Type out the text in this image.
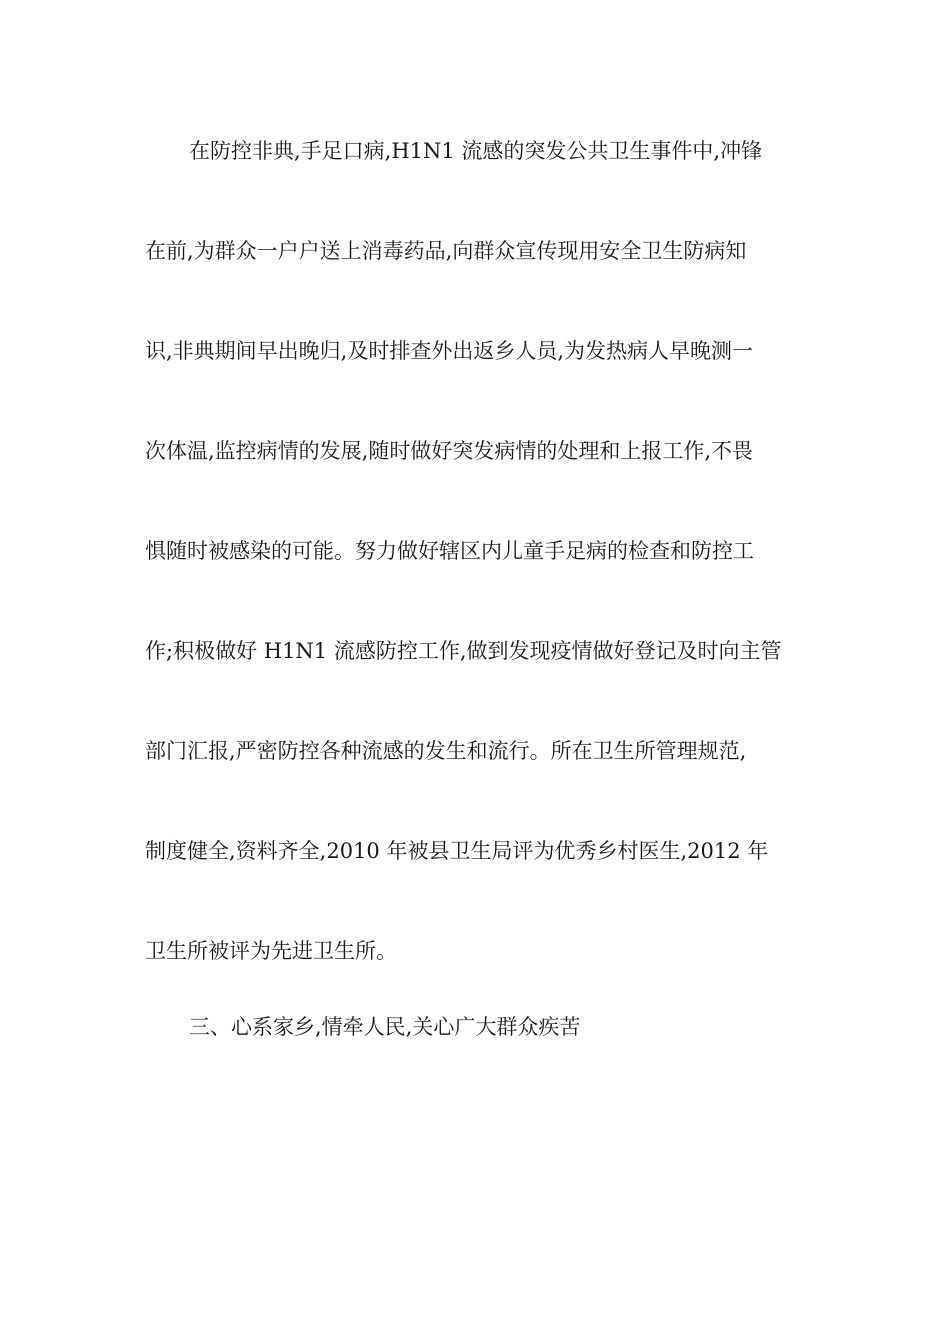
在防控非典,手足口病,H1N1 流感的突发公共卫生事件中,冲锋
在前,为群众一户户送上消毒药品,向群众宣传现用安全卫生防病知
识,非典期间早出晚归,及时排查外出返乡人员,为发热病人早晚测一
次体温,监控病情的发展,随时做好突发病情的处理和上报工作,不畏
惧随时被感染的可能。努力做好辖区内儿童手足病的检查和防控工
作;积极做好 H1N1 流感防控工作,做到发现疫情做好登记及时向主管
部门汇报,严密防控各种流感的发生和流行。所在卫生所管理规范,
制度健全,资料齐全,2010 年被县卫生局评为优秀乡村医生,2012 年
卫生所被评为先进卫生所。
三、心系家乡,情牵人民,关心广大群众疾苦
